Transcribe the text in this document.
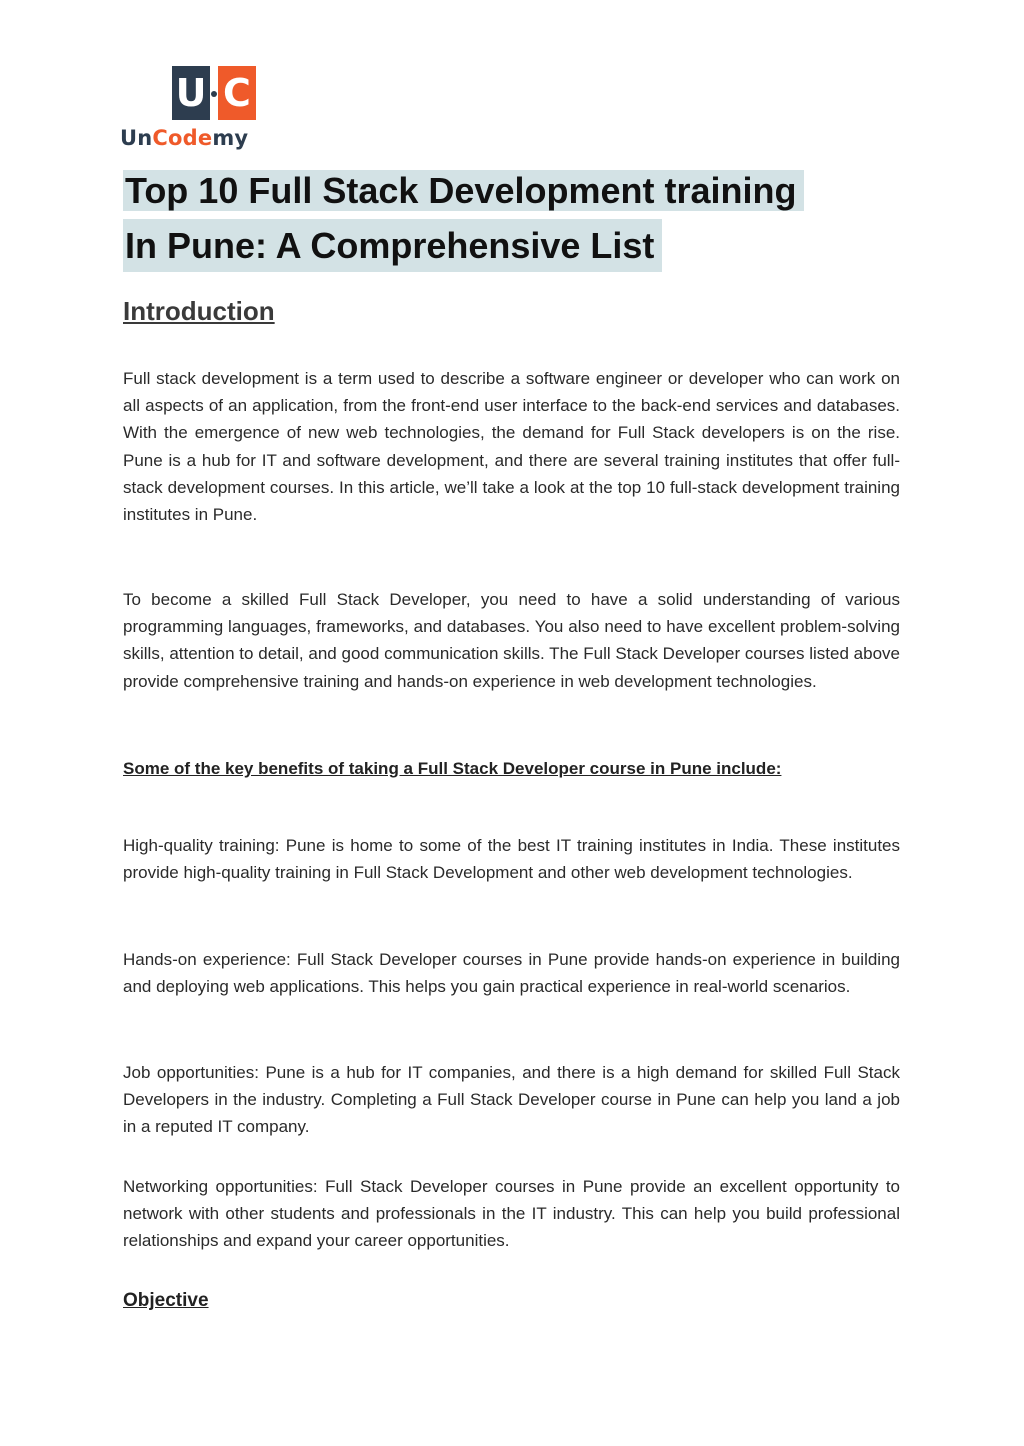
U C
UnCodemy
Top 10 Full Stack Development training
In Pune: A Comprehensive List
Introduction

Full stack development is a term used to describe a software engineer or developer who can work on all aspects of an application, from the front-end user interface to the back-end services and databases. With the emergence of new web technologies, the demand for Full Stack developers is on the rise. Pune is a hub for IT and software development, and there are several training institutes that offer full-stack development courses. In this article, we’ll take a look at the top 10 full-stack development training institutes in Pune.

To become a skilled Full Stack Developer, you need to have a solid understanding of various programming languages, frameworks, and databases. You also need to have excellent problem-solving skills, attention to detail, and good communication skills. The Full Stack Developer courses listed above provide comprehensive training and hands-on experience in web development technologies.

Some of the key benefits of taking a Full Stack Developer course in Pune include:

High-quality training: Pune is home to some of the best IT training institutes in India. These institutes provide high-quality training in Full Stack Development and other web development technologies.

Hands-on experience: Full Stack Developer courses in Pune provide hands-on experience in building and deploying web applications. This helps you gain practical experience in real-world scenarios.

Job opportunities: Pune is a hub for IT companies, and there is a high demand for skilled Full Stack Developers in the industry. Completing a Full Stack Developer course in Pune can help you land a job in a reputed IT company.

Networking opportunities: Full Stack Developer courses in Pune provide an excellent opportunity to network with other students and professionals in the IT industry. This can help you build professional relationships and expand your career opportunities.

Objective
